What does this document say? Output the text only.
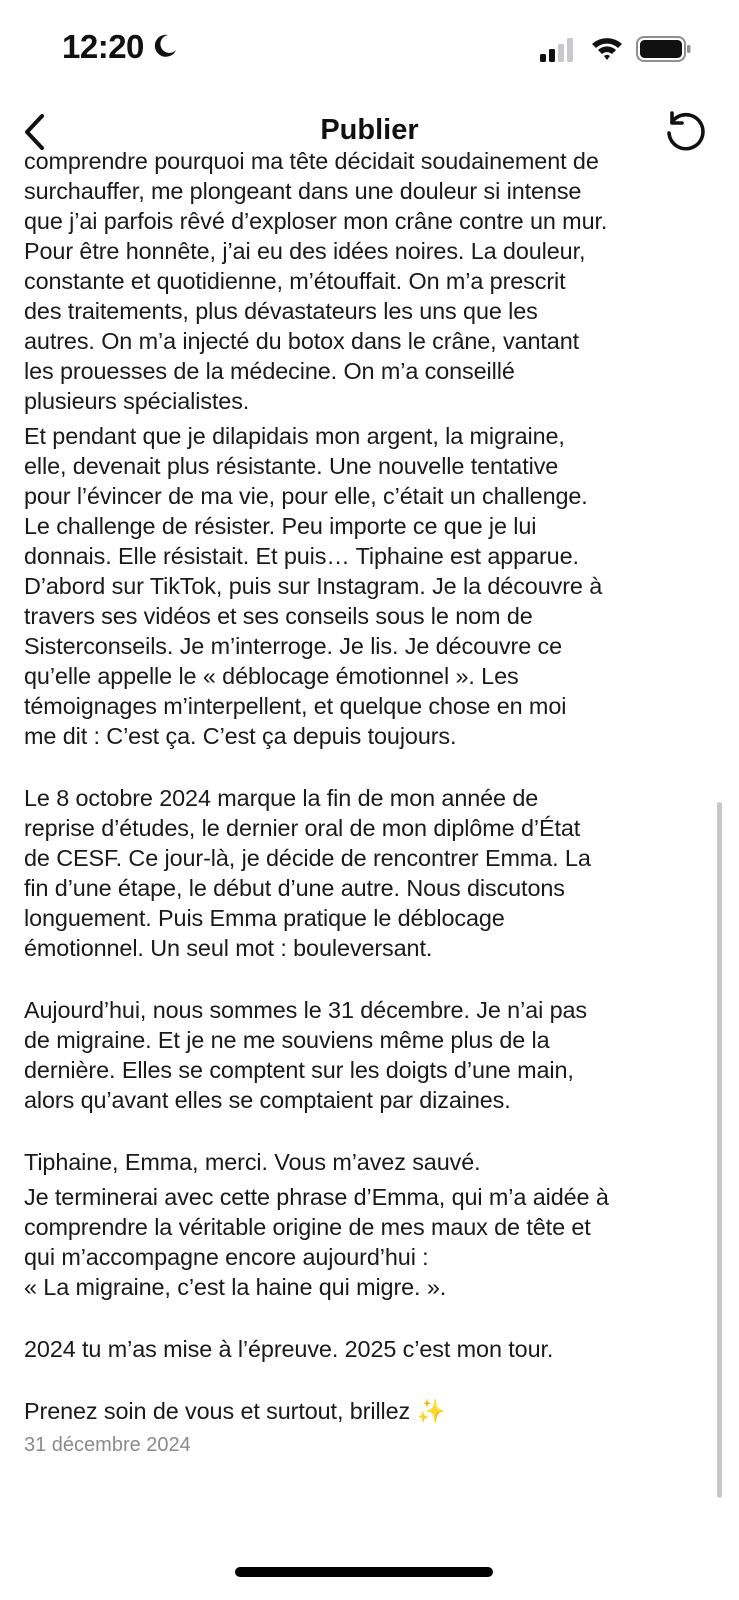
12:20
Publier

comprendre pourquoi ma tête décidait soudainement de

surchauffer, me plongeant dans une douleur si intense
que j’ai parfois rêvé d’exploser mon crâne contre un mur.
Pour être honnête, j’ai eu des idées noires. La douleur,
constante et quotidienne, m’étouffait. On m’a prescrit
des traitements, plus dévastateurs les uns que les
autres. On m’a injecté du botox dans le crâne, vantant
les prouesses de la médecine. On m’a conseillé
plusieurs spécialistes.

Et pendant que je dilapidais mon argent, la migraine,
elle, devenait plus résistante. Une nouvelle tentative
pour l’évincer de ma vie, pour elle, c’était un challenge.
Le challenge de résister. Peu importe ce que je lui
donnais. Elle résistait. Et puis… Tiphaine est apparue.
D’abord sur TikTok, puis sur Instagram. Je la découvre à
travers ses vidéos et ses conseils sous le nom de
Sisterconseils. Je m’interroge. Je lis. Je découvre ce
qu’elle appelle le « déblocage émotionnel ». Les
témoignages m’interpellent, et quelque chose en moi
me dit : C’est ça. C’est ça depuis toujours.

Le 8 octobre 2024 marque la fin de mon année de
reprise d’études, le dernier oral de mon diplôme d’État
de CESF. Ce jour-là, je décide de rencontrer Emma. La
fin d’une étape, le début d’une autre. Nous discutons
longuement. Puis Emma pratique le déblocage
émotionnel. Un seul mot : bouleversant.

Aujourd’hui, nous sommes le 31 décembre. Je n’ai pas
de migraine. Et je ne me souviens même plus de la
dernière. Elles se comptent sur les doigts d’une main,
alors qu’avant elles se comptaient par dizaines.

Tiphaine, Emma, merci. Vous m’avez sauvé.

Je terminerai avec cette phrase d’Emma, qui m’a aidée à
comprendre la véritable origine de mes maux de tête et
qui m’accompagne encore aujourd’hui :
« La migraine, c’est la haine qui migre. ».

2024 tu m’as mise à l’épreuve. 2025 c’est mon tour.

Prenez soin de vous et surtout, brillez ✨

31 décembre 2024
